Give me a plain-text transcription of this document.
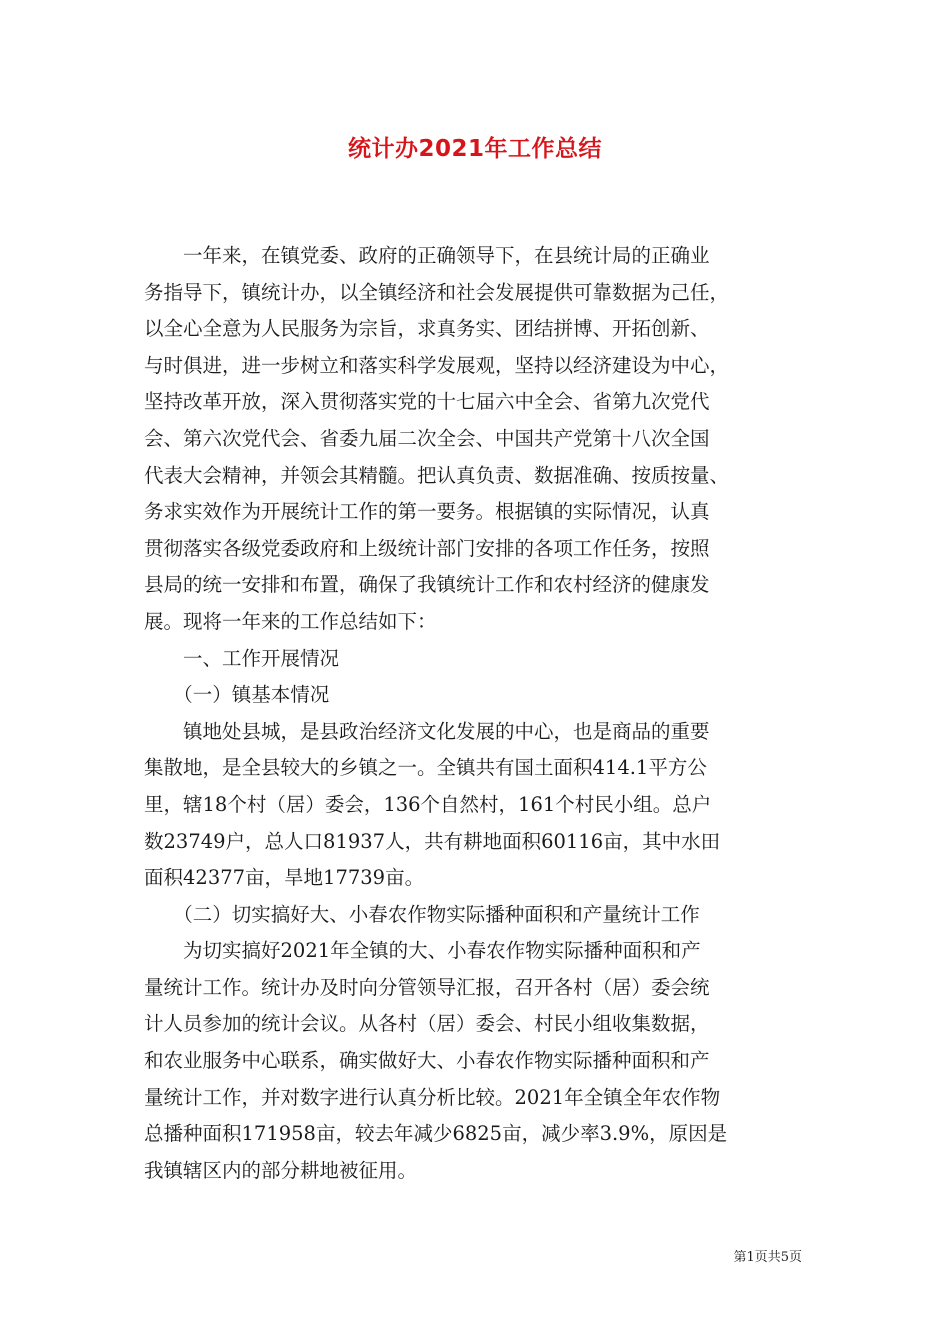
统计办2021年工作总结
　　一年来，在镇党委、政府的正确领导下，在县统计局的正确业
务指导下，镇统计办，以全镇经济和社会发展提供可靠数据为己任，
以全心全意为人民服务为宗旨，求真务实、团结拼博、开拓创新、
与时俱进，进一步树立和落实科学发展观，坚持以经济建设为中心，
坚持改革开放，深入贯彻落实党的十七届六中全会、省第九次党代
会、第六次党代会、省委九届二次全会、中国共产党第十八次全国
代表大会精神，并领会其精髓。把认真负责、数据准确、按质按量、
务求实效作为开展统计工作的第一要务。根据镇的实际情况，认真
贯彻落实各级党委政府和上级统计部门安排的各项工作任务，按照
县局的统一安排和布置，确保了我镇统计工作和农村经济的健康发
展。现将一年来的工作总结如下：
　　一、工作开展情况
　　（一）镇基本情况
　　镇地处县城，是县政治经济文化发展的中心，也是商品的重要
集散地，是全县较大的乡镇之一。全镇共有国土面积414.1平方公
里，辖18个村（居）委会，136个自然村，161个村民小组。总户
数23749户，总人口81937人，共有耕地面积60116亩，其中水田
面积42377亩，旱地17739亩。
　　（二）切实搞好大、小春农作物实际播种面积和产量统计工作
　　为切实搞好2021年全镇的大、小春农作物实际播种面积和产
量统计工作。统计办及时向分管领导汇报，召开各村（居）委会统
计人员参加的统计会议。从各村（居）委会、村民小组收集数据，
和农业服务中心联系，确实做好大、小春农作物实际播种面积和产
量统计工作，并对数字进行认真分析比较。2021年全镇全年农作物
总播种面积171958亩，较去年减少6825亩，减少率3.9%，原因是
我镇辖区内的部分耕地被征用。
第1页共5页
